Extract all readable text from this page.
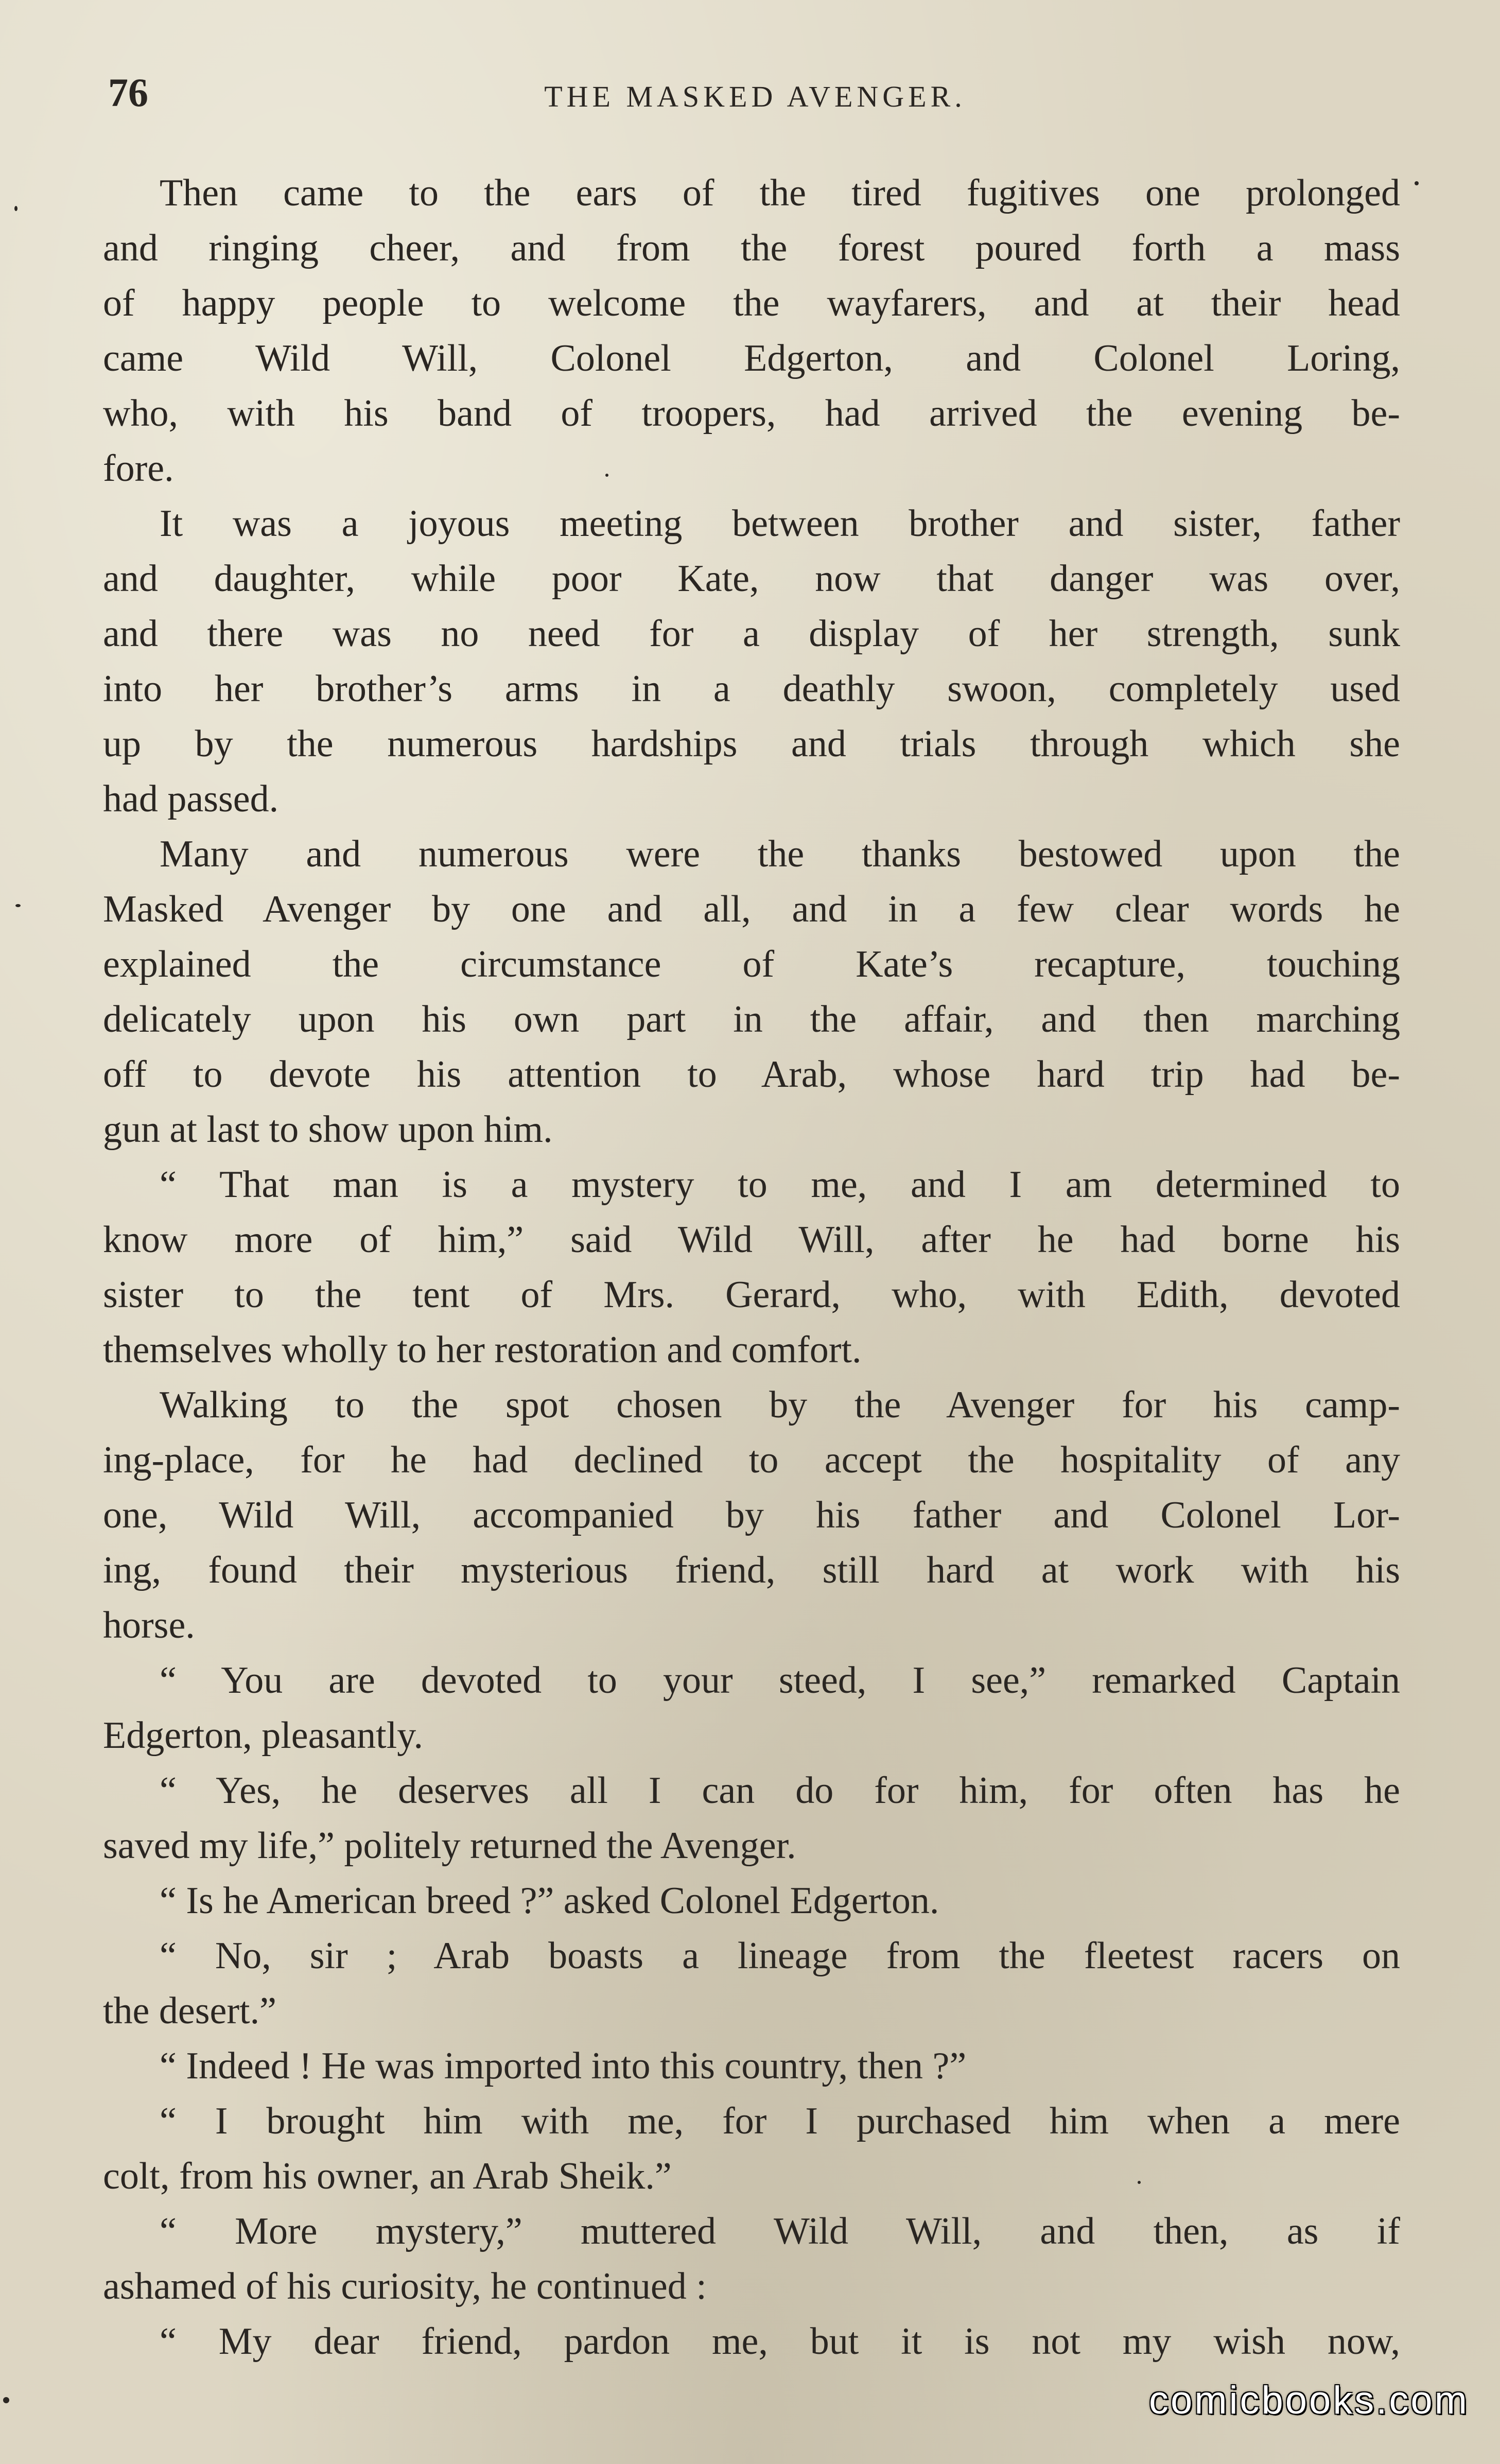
76	THE MASKED AVENGER.
Then came to the ears of the tired fugitives one prolonged
and ringing cheer, and from the forest poured forth a mass
of happy people to welcome the wayfarers, and at their head
came Wild Will, Colonel Edgerton, and Colonel Loring,
who, with his band of troopers, had arrived the evening be-
fore.
It was a joyous meeting between brother and sister, father
and daughter, while poor Kate, now that danger was over,
and there was no need for a display of her strength, sunk
into her brother’s arms in a deathly swoon, completely used
up by the numerous hardships and trials through which she
had passed.
Many and numerous were the thanks bestowed upon the
Masked Avenger by one and all, and in a few clear words he
explained the circumstance of Kate’s recapture, touching
delicately upon his own part in the affair, and then marching
off to devote his attention to Arab, whose hard trip had be-
gun at last to show upon him.
“ That man is a mystery to me, and I am determined to
know more of him,” said Wild Will, after he had borne his
sister to the tent of Mrs. Gerard, who, with Edith, devoted
themselves wholly to her restoration and comfort.
Walking to the spot chosen by the Avenger for his camp-
ing-place, for he had declined to accept the hospitality of any
one, Wild Will, accompanied by his father and Colonel Lor-
ing, found their mysterious friend, still hard at work with his
horse.
“ You are devoted to your steed, I see,” remarked Captain
Edgerton, pleasantly.
“ Yes, he deserves all I can do for him, for often has he
saved my life,” politely returned the Avenger.
“ Is he American breed ?” asked Colonel Edgerton.
“ No, sir ; Arab boasts a lineage from the fleetest racers on
the desert.”
“ Indeed ! He was imported into this country, then ?”
“ I brought him with me, for I purchased him when a mere
colt, from his owner, an Arab Sheik.”
“ More mystery,” muttered Wild Will, and then, as if
ashamed of his curiosity, he continued :
“ My dear friend, pardon me, but it is not my wish now,
comicbooks.com
